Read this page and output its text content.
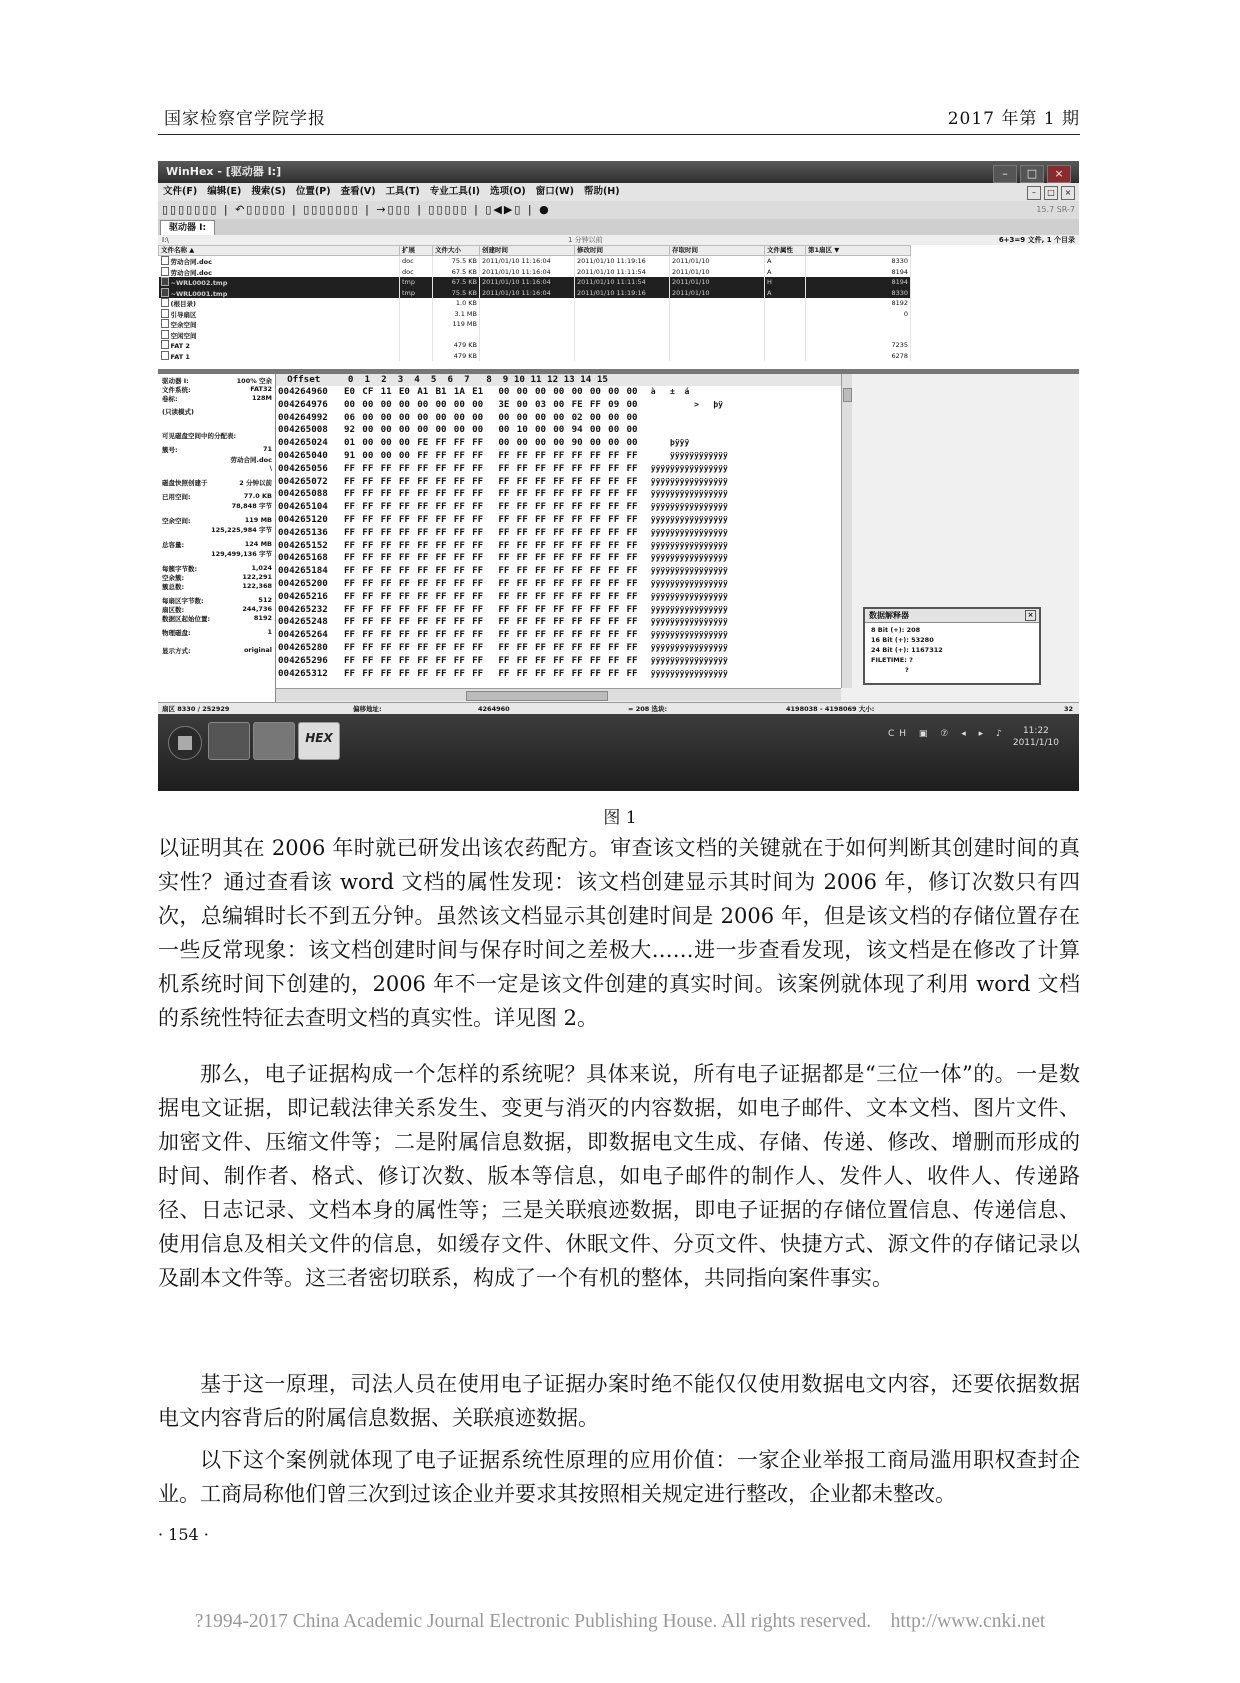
国家检察官学院学报	2017 年第 1 期
WinHex - [驱动器 I:]	– □ ×
文件(F) 编辑(E) 搜索(S) 位置(P) 查看(V) 工具(T) 专业工具(I) 选项(O) 窗口(W) 帮助(H)	– □ ×
▯▯▯▯▯▯▯ | ↶▯▯▯▯▯ | ▯▯▯▯▯▯▯ | →▯▯▯ | ▯▯▯▯▯ | ▯◀▶▯ | ●	15.7 SR-7
驱动器 I:
I:\	1 分钟以前	6+3=9 文件, 1 个目录
文件名称 ▲	扩展	文件大小	创建时间	修改时间	存取时间	文件属性	第1扇区 ▼
劳动合同.doc	doc	75.5 KB	2011/01/10 11:16:04	2011/01/10 11:19:16	2011/01/10	A	8330
劳动合同.doc	doc	67.5 KB	2011/01/10 11:16:04	2011/01/10 11:11:54	2011/01/10	A	8194
~WRL0002.tmp	tmp	67.5 KB	2011/01/10 11:16:04	2011/01/10 11:11:54	2011/01/10	H	8194
~WRL0001.tmp	tmp	75.5 KB	2011/01/10 11:16:04	2011/01/10 11:19:16	2011/01/10	A	8330
(根目录)		1.0 KB					8192
引导扇区		3.1 MB					0
空余空间		119 MB					
空闲空间							
FAT 2		479 KB					7235
FAT 1		479 KB					6278
驱动器 I:	100% 空余
文件系统:	FAT32
卷标:	128M
(只读模式)
可见磁盘空间中的分配表:
簇号:	71
劳动合同.doc
\
磁盘快照创建于	2 分钟以前
已用空间:	77.0 KB
78,848 字节
空余空间:	119 MB
125,225,984 字节
总容量:	124 MB
129,499,136 字节
每簇字节数:	1,024
空余簇:	122,291
簇总数:	122,368
每扇区字节数:	512
扇区数:	244,736
数据区起始位置:	8192
物理磁盘:	1
显示方式:	original
Offset     0  1  2  3  4  5  6  7   8  9 10 11 12 13 14 15
004264960 E0 CF 11 E0 A1 B1 1A E1 00 00 00 00 00 00 00 00 à   ±  á
004264976 00 00 00 00 00 00 00 00 3E 00 03 00 FE FF 09 00         >   þÿ
004264992 06 00 00 00 00 00 00 00 00 00 00 00 02 00 00 00
004265008 92 00 00 00 00 00 00 00 00 10 00 00 94 00 00 00
004265024 01 00 00 00 FE FF FF FF 00 00 00 00 90 00 00 00    þÿÿÿ
004265040 91 00 00 00 FF FF FF FF FF FF FF FF FF FF FF FF    ÿÿÿÿÿÿÿÿÿÿÿÿ
004265056 FF FF FF FF FF FF FF FF FF FF FF FF FF FF FF FF ÿÿÿÿÿÿÿÿÿÿÿÿÿÿÿÿ
004265072 FF FF FF FF FF FF FF FF FF FF FF FF FF FF FF FF ÿÿÿÿÿÿÿÿÿÿÿÿÿÿÿÿ
004265088 FF FF FF FF FF FF FF FF FF FF FF FF FF FF FF FF ÿÿÿÿÿÿÿÿÿÿÿÿÿÿÿÿ
004265104 FF FF FF FF FF FF FF FF FF FF FF FF FF FF FF FF ÿÿÿÿÿÿÿÿÿÿÿÿÿÿÿÿ
004265120 FF FF FF FF FF FF FF FF FF FF FF FF FF FF FF FF ÿÿÿÿÿÿÿÿÿÿÿÿÿÿÿÿ
004265136 FF FF FF FF FF FF FF FF FF FF FF FF FF FF FF FF ÿÿÿÿÿÿÿÿÿÿÿÿÿÿÿÿ
004265152 FF FF FF FF FF FF FF FF FF FF FF FF FF FF FF FF ÿÿÿÿÿÿÿÿÿÿÿÿÿÿÿÿ
004265168 FF FF FF FF FF FF FF FF FF FF FF FF FF FF FF FF ÿÿÿÿÿÿÿÿÿÿÿÿÿÿÿÿ
004265184 FF FF FF FF FF FF FF FF FF FF FF FF FF FF FF FF ÿÿÿÿÿÿÿÿÿÿÿÿÿÿÿÿ
004265200 FF FF FF FF FF FF FF FF FF FF FF FF FF FF FF FF ÿÿÿÿÿÿÿÿÿÿÿÿÿÿÿÿ
004265216 FF FF FF FF FF FF FF FF FF FF FF FF FF FF FF FF ÿÿÿÿÿÿÿÿÿÿÿÿÿÿÿÿ
004265232 FF FF FF FF FF FF FF FF FF FF FF FF FF FF FF FF ÿÿÿÿÿÿÿÿÿÿÿÿÿÿÿÿ
004265248 FF FF FF FF FF FF FF FF FF FF FF FF FF FF FF FF ÿÿÿÿÿÿÿÿÿÿÿÿÿÿÿÿ
004265264 FF FF FF FF FF FF FF FF FF FF FF FF FF FF FF FF ÿÿÿÿÿÿÿÿÿÿÿÿÿÿÿÿ
004265280 FF FF FF FF FF FF FF FF FF FF FF FF FF FF FF FF ÿÿÿÿÿÿÿÿÿÿÿÿÿÿÿÿ
004265296 FF FF FF FF FF FF FF FF FF FF FF FF FF FF FF FF ÿÿÿÿÿÿÿÿÿÿÿÿÿÿÿÿ
004265312 FF FF FF FF FF FF FF FF FF FF FF FF FF FF FF FF ÿÿÿÿÿÿÿÿÿÿÿÿÿÿÿÿ
数据解释器	×
8 Bit (+): 208
16 Bit (+): 53280
24 Bit (+): 1167312
FILETIME: ?
?
扇区 8330 / 252929	偏移地址:	4264960	= 208 选块:	4198038 - 4198069 大小:	32
HEX	CH ▣ ⑦ ◂ ▸ ♪	11:22
2011/1/10
图 1

以证明其在 2006 年时就已研发出该农药配方。审查该文档的关键就在于如何判断其创建时间的真实性？通过查看该 word 文档的属性发现：该文档创建显示其时间为 2006 年，修订次数只有四次，总编辑时长不到五分钟。虽然该文档显示其创建时间是 2006 年，但是该文档的存储位置存在一些反常现象：该文档创建时间与保存时间之差极大……进一步查看发现，该文档是在修改了计算机系统时间下创建的，2006 年不一定是该文件创建的真实时间。该案例就体现了利用 word 文档的系统性特征去查明文档的真实性。详见图 2。

那么，电子证据构成一个怎样的系统呢？具体来说，所有电子证据都是“三位一体”的。一是数据电文证据，即记载法律关系发生、变更与消灭的内容数据，如电子邮件、文本文档、图片文件、加密文件、压缩文件等；二是附属信息数据，即数据电文生成、存储、传递、修改、增删而形成的时间、制作者、格式、修订次数、版本等信息，如电子邮件的制作人、发件人、收件人、传递路径、日志记录、文档本身的属性等；三是关联痕迹数据，即电子证据的存储位置信息、传递信息、使用信息及相关文件的信息，如缓存文件、休眠文件、分页文件、快捷方式、源文件的存储记录以及副本文件等。这三者密切联系，构成了一个有机的整体，共同指向案件事实。

基于这一原理，司法人员在使用电子证据办案时绝不能仅仅使用数据电文内容，还要依据数据电文内容背后的附属信息数据、关联痕迹数据。

以下这个案例就体现了电子证据系统性原理的应用价值：一家企业举报工商局滥用职权查封企业。工商局称他们曾三次到过该企业并要求其按照相关规定进行整改，企业都未整改。

· 154 ·
?1994-2017 China Academic Journal Electronic Publishing House. All rights reserved.    http://www.cnki.net
